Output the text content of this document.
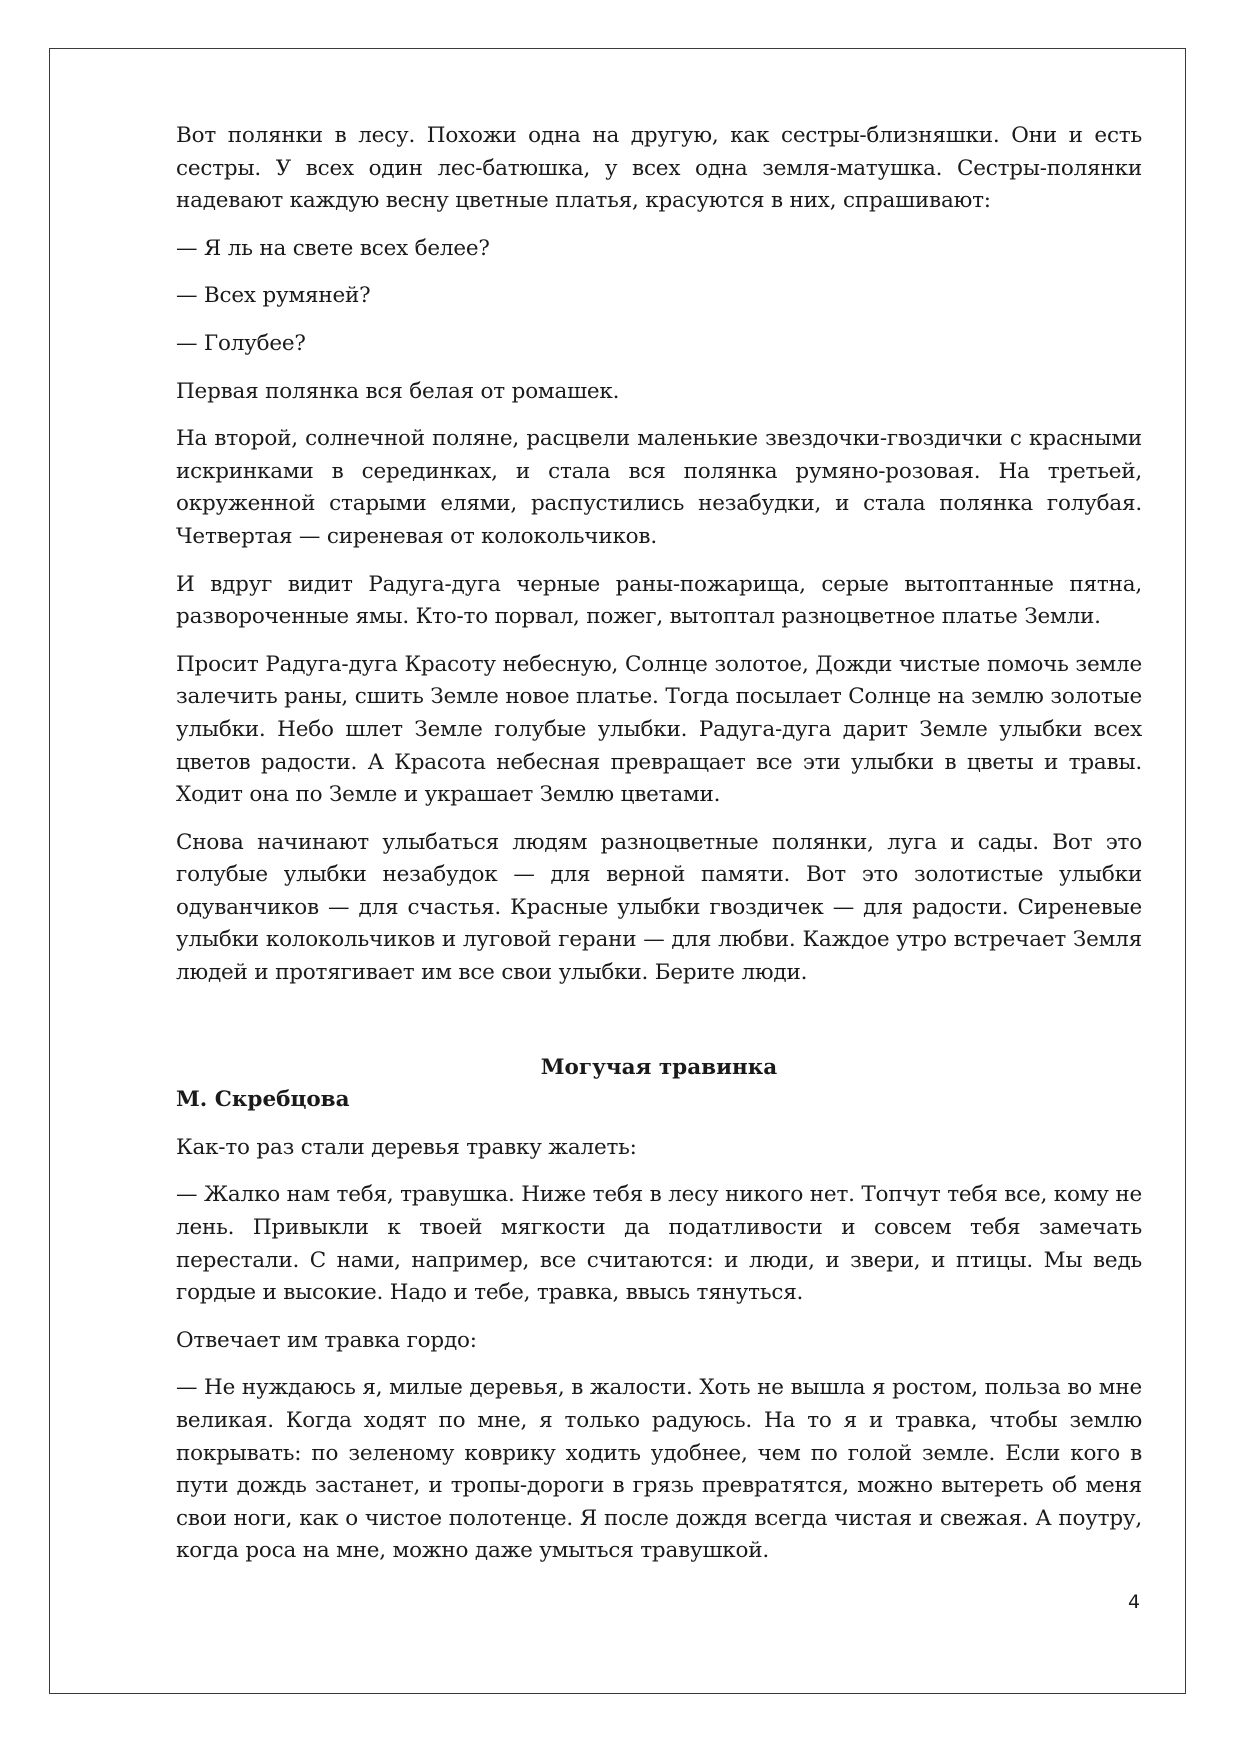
Вот полянки в лесу. Похожи одна на другую, как сестры-близняшки. Они и есть сестры. У всех один лес-батюшка, у всех одна земля-матушка. Сестры-полянки надевают каждую весну цветные платья, красуются в них, спрашивают:

— Я ль на свете всех белее?

— Всех румяней?

— Голубее?

Первая полянка вся белая от ромашек.

На второй, солнечной поляне, расцвели маленькие звездочки-гвоздички с красными искринками в серединках, и стала вся полянка румяно-розовая. На третьей, окруженной старыми елями, распустились незабудки, и стала полянка голубая. Четвертая — сиреневая от колокольчиков.

И вдруг видит Радуга-дуга черные раны-пожарища, серые вытоптанные пятна, развороченные ямы. Кто-то порвал, пожег, вытоптал разноцветное платье Земли.

Просит Радуга-дуга Красоту небесную, Солнце золотое, Дожди чистые помочь земле залечить раны, сшить Земле новое платье. Тогда посылает Солнце на землю золотые улыбки. Небо шлет Земле голубые улыбки. Радуга-дуга дарит Земле улыбки всех цветов радости. А Красота небесная превращает все эти улыбки в цветы и травы. Ходит она по Земле и украшает Землю цветами.

Снова начинают улыбаться людям разноцветные полянки, луга и сады. Вот это голубые улыбки незабудок — для верной памяти. Вот это золотистые улыбки одуванчиков — для счастья. Красные улыбки гвоздичек — для радости. Сиреневые улыбки колокольчиков и луговой герани — для любви. Каждое утро встречает Земля людей и протягивает им все свои улыбки. Берите люди.

Могучая травинка

М. Скребцова

Как-то раз стали деревья травку жалеть:

— Жалко нам тебя, травушка. Ниже тебя в лесу никого нет. Топчут тебя все, кому не лень. Привыкли к твоей мягкости да податливости и совсем тебя замечать перестали. С нами, например, все считаются: и люди, и звери, и птицы. Мы ведь гордые и высокие. Надо и тебе, травка, ввысь тянуться.

Отвечает им травка гордо:

— Не нуждаюсь я, милые деревья, в жалости. Хоть не вышла я ростом, польза во мне великая. Когда ходят по мне, я только радуюсь. На то я и травка, чтобы землю покрывать: по зеленому коврику ходить удобнее, чем по голой земле. Если кого в пути дождь застанет, и тропы-дороги в грязь превратятся, можно вытереть об меня свои ноги, как о чистое полотенце. Я после дождя всегда чистая и свежая. А поутру, когда роса на мне, можно даже умыться травушкой.

4
